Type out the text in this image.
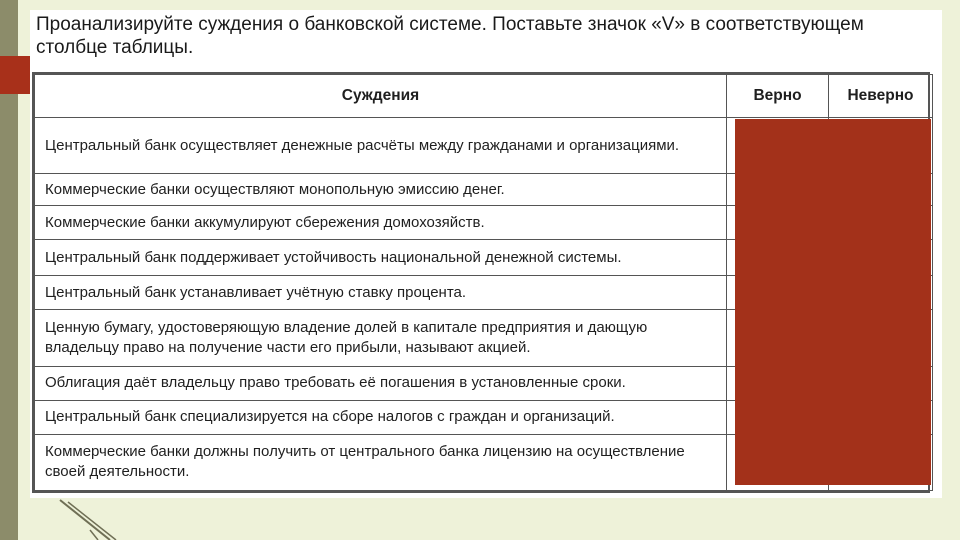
Проанализируйте суждения о банковской системе. Поставьте значок «V» в соответствующем столбце таблицы.
Суждения	Верно	Неверно
Центральный банк осуществляет денежные расчёты между гражданами и организациями.		
Коммерческие банки осуществляют монопольную эмиссию денег.		
Коммерческие банки аккумулируют сбережения домохозяйств.		
Центральный банк поддерживает устойчивость национальной денежной системы.		
Центральный банк устанавливает учётную ставку процента.		
Ценную бумагу, удостоверяющую владение долей в капитале предприятия и дающую владельцу право на получение части его прибыли, называют акцией.		
Облигация даёт владельцу право требовать её погашения в установленные сроки.		
Центральный банк специализируется на сборе налогов с граждан и организаций.		
Коммерческие банки должны получить от центрального банка лицензию на осуществление своей деятельности.		
